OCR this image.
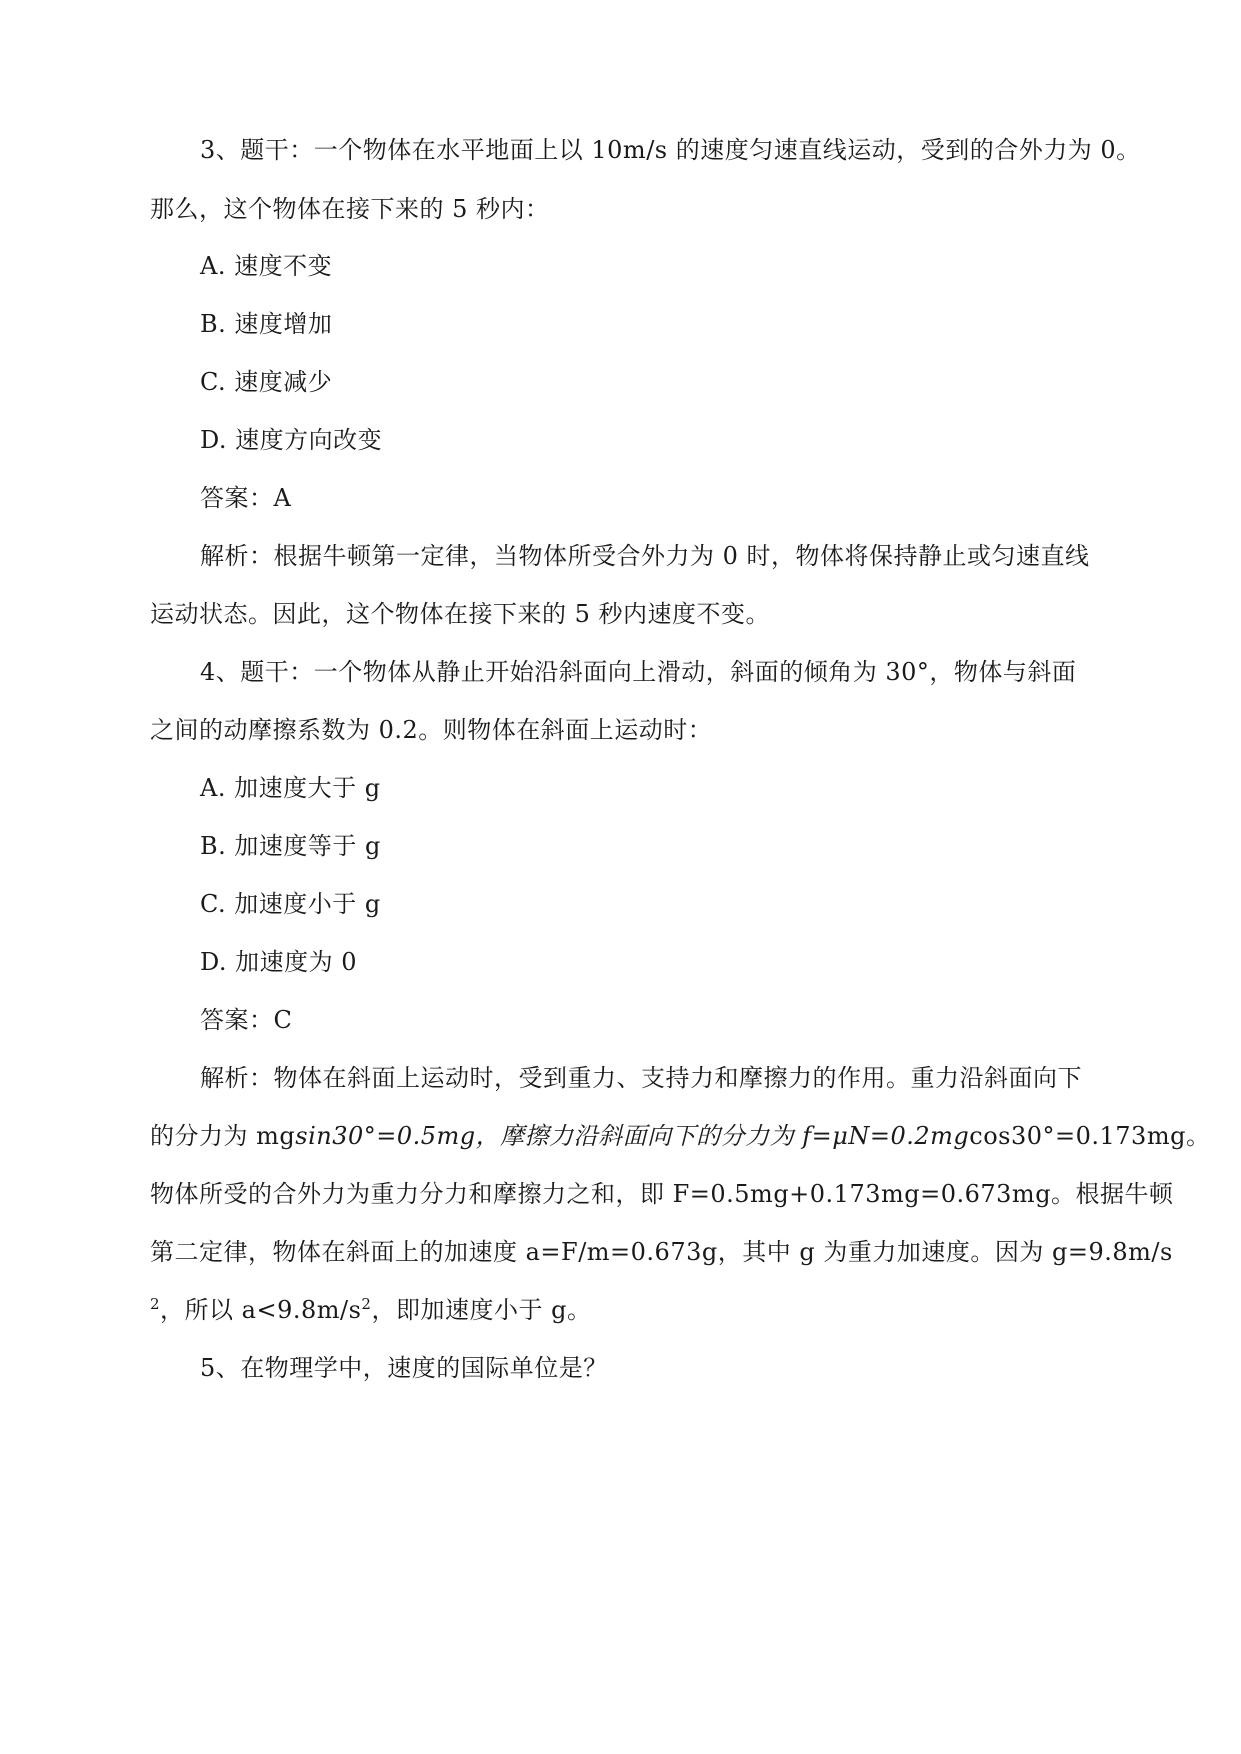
3、题干：一个物体在水平地面上以 10m/s 的速度匀速直线运动，受到的合外力为 0。
那么，这个物体在接下来的 5 秒内：
A. 速度不变
B. 速度增加
C. 速度减少
D. 速度方向改变
答案：A
解析：根据牛顿第一定律，当物体所受合外力为 0 时，物体将保持静止或匀速直线
运动状态。因此，这个物体在接下来的 5 秒内速度不变。
4、题干：一个物体从静止开始沿斜面向上滑动，斜面的倾角为 30°，物体与斜面
之间的动摩擦系数为 0.2。则物体在斜面上运动时：
A. 加速度大于 g
B. 加速度等于 g
C. 加速度小于 g
D. 加速度为 0
答案：C
解析：物体在斜面上运动时，受到重力、支持力和摩擦力的作用。重力沿斜面向下
的分力为 mgsin30°=0.5mg，摩擦力沿斜面向下的分力为 f=μN=0.2mgcos30°=0.173mg。
物体所受的合外力为重力分力和摩擦力之和，即 F=0.5mg+0.173mg=0.673mg。根据牛顿
第二定律，物体在斜面上的加速度 a=F/m=0.673g，其中 g 为重力加速度。因为 g=9.8m/s
$^2$，所以 $a<9.8m/s^2$，即加速度小于 g。
5、在物理学中，速度的国际单位是？
